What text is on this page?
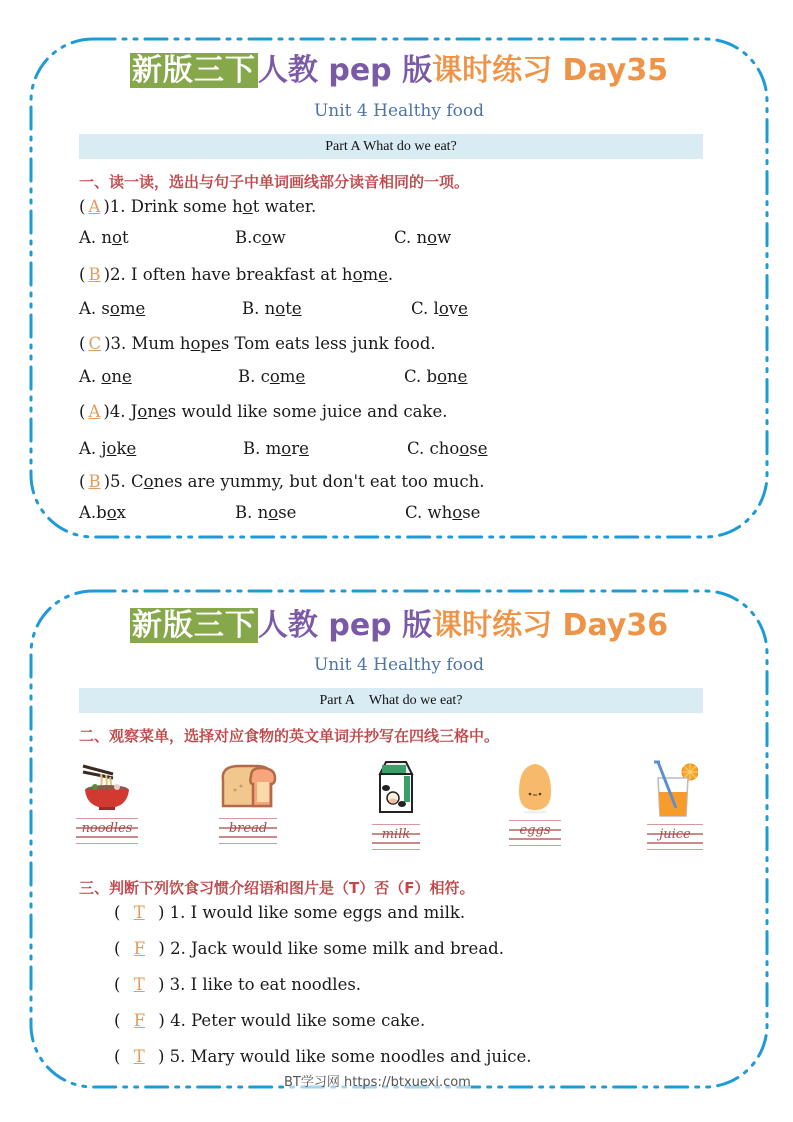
新版三下人教 pep 版课时练习 Day35
Unit 4 Healthy food
Part A What do we eat?
一、读一读，选出与句子中单词画线部分读音相同的一项。
( A )1. Drink some hot water.
A. not	B.cow	C. now
( B )2. I often have breakfast at home.
A. some	B. note	C. love
( C )3. Mum hopes Tom eats less junk food.
A. one	B. come	C. bone
( A )4. Jones would like some juice and cake.
A. joke	B. more	C. choose
( B )5. Cones are yummy, but don't eat too much.
A.box	B. nose	C. whose
新版三下人教 pep 版课时练习 Day36
Unit 4 Healthy food
Part A What do we eat?
二、观察菜单，选择对应食物的英文单词并抄写在四线三格中。
noodles	bread	milk	eggs	juice
三、判断下列饮食习惯介绍语和图片是（T）否（F）相符。
( T ) 1. I would like some eggs and milk.
( F ) 2. Jack would like some milk and bread.
( T ) 3. I like to eat noodles.
( F ) 4. Peter would like some cake.
( T ) 5. Mary would like some noodles and juice.
BT学习网 https://btxuexi.com
